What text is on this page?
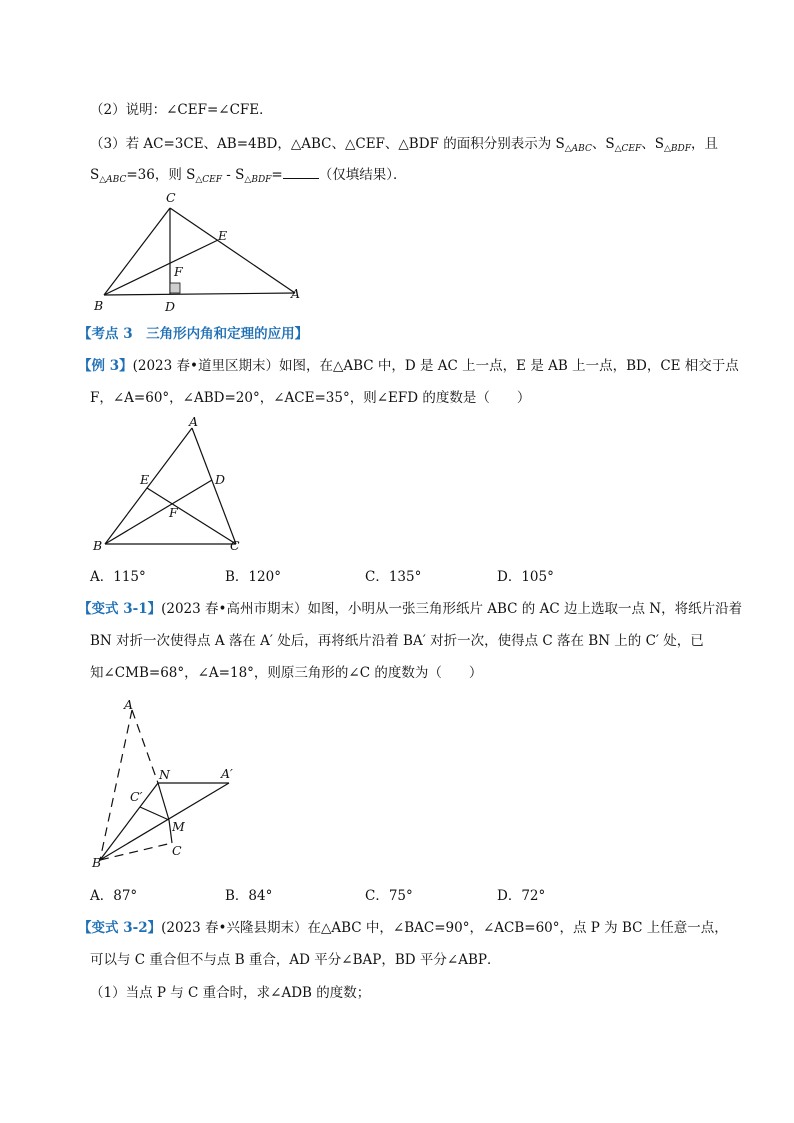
（2）说明：∠CEF=∠CFE．
（3）若 AC=3CE、AB=4BD，△ABC、△CEF、△BDF 的面积分别表示为 $S_{\triangle ABC}$、$S_{\triangle CEF}$、$S_{\triangle BDF}$，且
$S_{\triangle ABC}=36$，则 $S_{\triangle CEF} - S_{\triangle BDF}=$	（仅填结果）．
C
E
F
B	D
A
【考点 3　三角形内角和定理的应用】
【例 3】(2023 春•道里区期末）如图，在△ABC 中，D 是 AC 上一点，E 是 AB 上一点，BD，CE 相交于点
F，∠A=60°，∠ABD=20°，∠ACE=35°，则∠EFD 的度数是（　　）
A
E	D
F
B	C
A．115°	B．120°	C．135°	D．105°
【变式 3-1】(2023 春•高州市期末）如图，小明从一张三角形纸片 ABC 的 AC 边上选取一点 N，将纸片沿着
BN 对折一次使得点 A 落在 A′ 处后，再将纸片沿着 BA′ 对折一次，使得点 C 落在 BN 上的 C′ 处，已
知∠CMB=68°，∠A=18°，则原三角形的∠C 的度数为（　　）
A
N	A′
C′
M
B
C
A．87°	B．84°	C．75°	D．72°
【变式 3-2】(2023 春•兴隆县期末）在△ABC 中，∠BAC=90°，∠ACB=60°，点 P 为 BC 上任意一点，
可以与 C 重合但不与点 B 重合，AD 平分∠BAP，BD 平分∠ABP．
（1）当点 P 与 C 重合时，求∠ADB 的度数；
